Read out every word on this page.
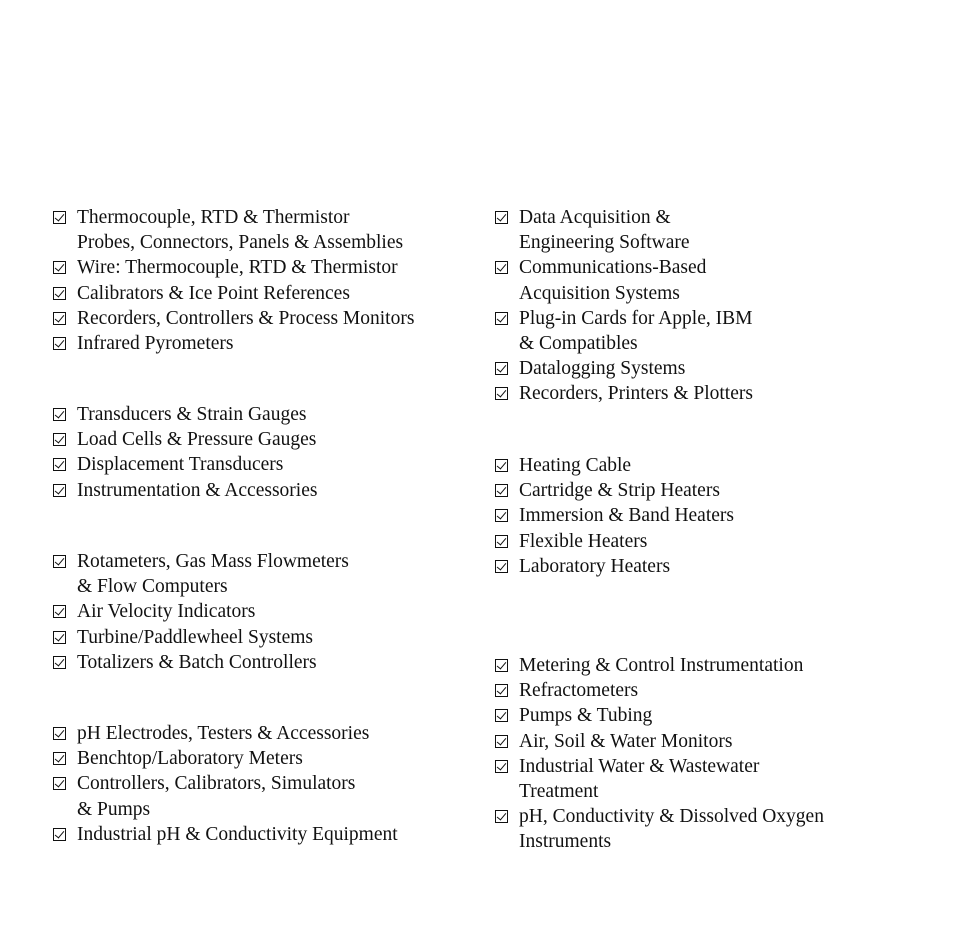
Thermocouple, RTD & Thermistor
Probes, Connectors, Panels & Assemblies
Wire: Thermocouple, RTD & Thermistor
Calibrators & Ice Point References
Recorders, Controllers & Process Monitors
Infrared Pyrometers
Transducers & Strain Gauges
Load Cells & Pressure Gauges
Displacement Transducers
Instrumentation & Accessories
Rotameters, Gas Mass Flowmeters
& Flow Computers
Air Velocity Indicators
Turbine/Paddlewheel Systems
Totalizers & Batch Controllers
pH Electrodes, Testers & Accessories
Benchtop/Laboratory Meters
Controllers, Calibrators, Simulators
& Pumps
Industrial pH & Conductivity Equipment
Data Acquisition &
Engineering Software
Communications-Based
Acquisition Systems
Plug-in Cards for Apple, IBM
& Compatibles
Datalogging Systems
Recorders, Printers & Plotters
Heating Cable
Cartridge & Strip Heaters
Immersion & Band Heaters
Flexible Heaters
Laboratory Heaters
Metering & Control Instrumentation
Refractometers
Pumps & Tubing
Air, Soil & Water Monitors
Industrial Water & Wastewater
Treatment
pH, Conductivity & Dissolved Oxygen
Instruments
